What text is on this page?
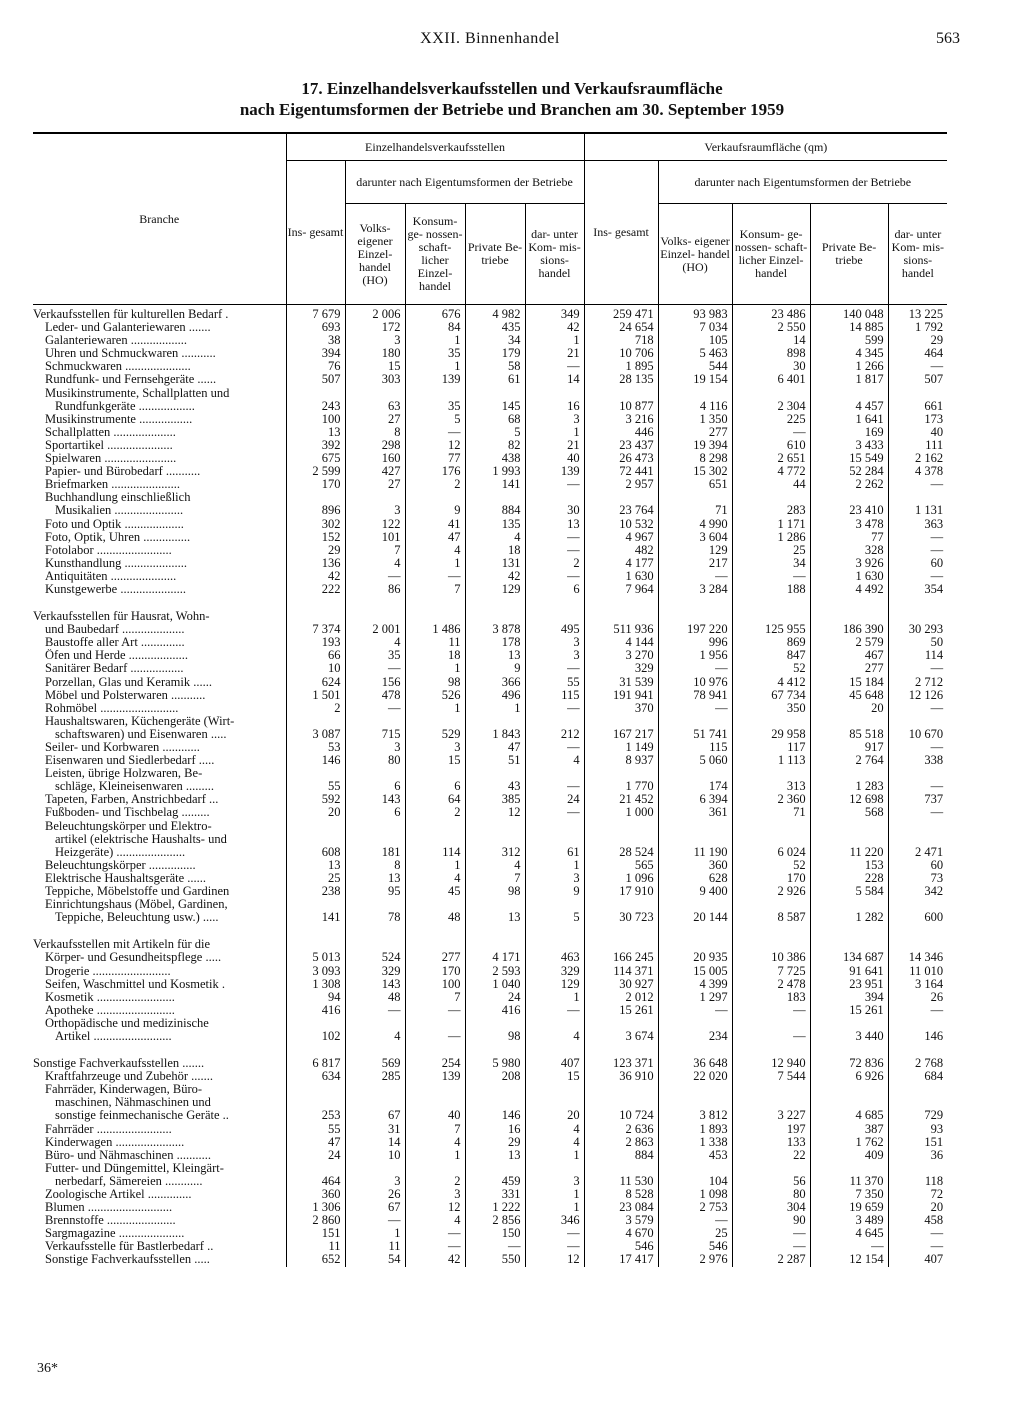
XXII. Binnenhandel	563
17. Einzelhandelsverkaufsstellen und Verkaufsraumfläche
nach Eigentumsformen der Betriebe und Branchen am 30. September 1959
Branche	Einzelhandelsverkaufsstellen					Verkaufsraumfläche (qm)				
	Ins- gesamt	darunter nach Eigentumsformen der Betriebe				Ins- gesamt	darunter nach Eigentumsformen der Betriebe			
		Volks- eigener Einzel- handel (HO)	Konsum- ge- nossen- schaft- licher Einzel- handel	Private Be- triebe	dar- unter Kom- mis- sions- handel		Volks- eigener Einzel- handel (HO)	Konsum- ge- nossen- schaft- licher Einzel- handel	Private Be- triebe	dar- unter Kom- mis- sions- handel
Verkaufsstellen für kulturellen Bedarf .	7 679	2 006	676	4 982	349	259 471	93 983	23 486	140 048	13 225
Leder- und Galanteriewaren .......	693	172	84	435	42	24 654	7 034	2 550	14 885	1 792
Galanteriewaren ..................	38	3	1	34	1	718	105	14	599	29
Uhren und Schmuckwaren ...........	394	180	35	179	21	10 706	5 463	898	4 345	464
Schmuckwaren .....................	76	15	1	58	—	1 895	544	30	1 266	—
Rundfunk- und Fernsehgeräte ......	507	303	139	61	14	28 135	19 154	6 401	1 817	507
Musikinstrumente, Schallplatten und										
Rundfunkgeräte ..................	243	63	35	145	16	10 877	4 116	2 304	4 457	661
Musikinstrumente .................	100	27	5	68	3	3 216	1 350	225	1 641	173
Schallplatten ....................	13	8	—	5	1	446	277	—	169	40
Sportartikel .....................	392	298	12	82	21	23 437	19 394	610	3 433	111
Spielwaren .......................	675	160	77	438	40	26 473	8 298	2 651	15 549	2 162
Papier- und Bürobedarf ...........	2 599	427	176	1 993	139	72 441	15 302	4 772	52 284	4 378
Briefmarken ......................	170	27	2	141	—	2 957	651	44	2 262	—
Buchhandlung einschließlich										
Musikalien ......................	896	3	9	884	30	23 764	71	283	23 410	1 131
Foto und Optik ...................	302	122	41	135	13	10 532	4 990	1 171	3 478	363
Foto, Optik, Uhren ...............	152	101	47	4	—	4 967	3 604	1 286	77	—
Fotolabor ........................	29	7	4	18	—	482	129	25	328	—
Kunsthandlung ....................	136	4	1	131	2	4 177	217	34	3 926	60
Antiquitäten .....................	42	—	—	42	—	1 630	—	—	1 630	—
Kunstgewerbe .....................	222	86	7	129	6	7 964	3 284	188	4 492	354

Verkaufsstellen für Hausrat, Wohn-										
und Baubedarf ....................	7 374	2 001	1 486	3 878	495	511 936	197 220	125 955	186 390	30 293
Baustoffe aller Art ..............	193	4	11	178	3	4 144	996	869	2 579	50
Öfen und Herde ...................	66	35	18	13	3	3 270	1 956	847	467	114
Sanitärer Bedarf .................	10	—	1	9	—	329	—	52	277	—
Porzellan, Glas und Keramik ......	624	156	98	366	55	31 539	10 976	4 412	15 184	2 712
Möbel und Polsterwaren ...........	1 501	478	526	496	115	191 941	78 941	67 734	45 648	12 126
Rohmöbel .........................	2	—	1	1	—	370	—	350	20	—
Haushaltswaren, Küchengeräte (Wirt-										
schaftswaren) und Eisenwaren .....	3 087	715	529	1 843	212	167 217	51 741	29 958	85 518	10 670
Seiler- und Korbwaren ............	53	3	3	47	—	1 149	115	117	917	—
Eisenwaren und Siedlerbedarf .....	146	80	15	51	4	8 937	5 060	1 113	2 764	338
Leisten, übrige Holzwaren, Be-										
schläge, Kleineisenwaren .........	55	6	6	43	—	1 770	174	313	1 283	—
Tapeten, Farben, Anstrichbedarf ...	592	143	64	385	24	21 452	6 394	2 360	12 698	737
Fußboden- und Tischbelag .........	20	6	2	12	—	1 000	361	71	568	—
Beleuchtungskörper und Elektro-										
artikel (elektrische Haushalts- und										
Heizgeräte) ......................	608	181	114	312	61	28 524	11 190	6 024	11 220	2 471
Beleuchtungskörper ...............	13	8	1	4	1	565	360	52	153	60
Elektrische Haushaltsgeräte ......	25	13	4	7	3	1 096	628	170	228	73
Teppiche, Möbelstoffe und Gardinen	238	95	45	98	9	17 910	9 400	2 926	5 584	342
Einrichtungshaus (Möbel, Gardinen,										
Teppiche, Beleuchtung usw.) .....	141	78	48	13	5	30 723	20 144	8 587	1 282	600

Verkaufsstellen mit Artikeln für die										
Körper- und Gesundheitspflege .....	5 013	524	277	4 171	463	166 245	20 935	10 386	134 687	14 346
Drogerie .........................	3 093	329	170	2 593	329	114 371	15 005	7 725	91 641	11 010
Seifen, Waschmittel und Kosmetik .	1 308	143	100	1 040	129	30 927	4 399	2 478	23 951	3 164
Kosmetik .........................	94	48	7	24	1	2 012	1 297	183	394	26
Apotheke .........................	416	—	—	416	—	15 261	—	—	15 261	—
Orthopädische und medizinische										
Artikel .........................	102	4	—	98	4	3 674	234	—	3 440	146

Sonstige Fachverkaufsstellen .......	6 817	569	254	5 980	407	123 371	36 648	12 940	72 836	2 768
Kraftfahrzeuge und Zubehör .......	634	285	139	208	15	36 910	22 020	7 544	6 926	684
Fahrräder, Kinderwagen, Büro-										
maschinen, Nähmaschinen und										
sonstige feinmechanische Geräte ..	253	67	40	146	20	10 724	3 812	3 227	4 685	729
Fahrräder ........................	55	31	7	16	4	2 636	1 893	197	387	93
Kinderwagen ......................	47	14	4	29	4	2 863	1 338	133	1 762	151
Büro- und Nähmaschinen ...........	24	10	1	13	1	884	453	22	409	36
Futter- und Düngemittel, Kleingärt-										
nerbedarf, Sämereien ............	464	3	2	459	3	11 530	104	56	11 370	118
Zoologische Artikel ..............	360	26	3	331	1	8 528	1 098	80	7 350	72
Blumen ...........................	1 306	67	12	1 222	1	23 084	2 753	304	19 659	20
Brennstoffe ......................	2 860	—	4	2 856	346	3 579	—	90	3 489	458
Sargmagazine .....................	151	1	—	150	—	4 670	25	—	4 645	—
Verkaufsstelle für Bastlerbedarf ..	11	11	—	—	—	546	546	—	—	—
Sonstige Fachverkaufsstellen .....	652	54	42	550	12	17 417	2 976	2 287	12 154	407
36*
